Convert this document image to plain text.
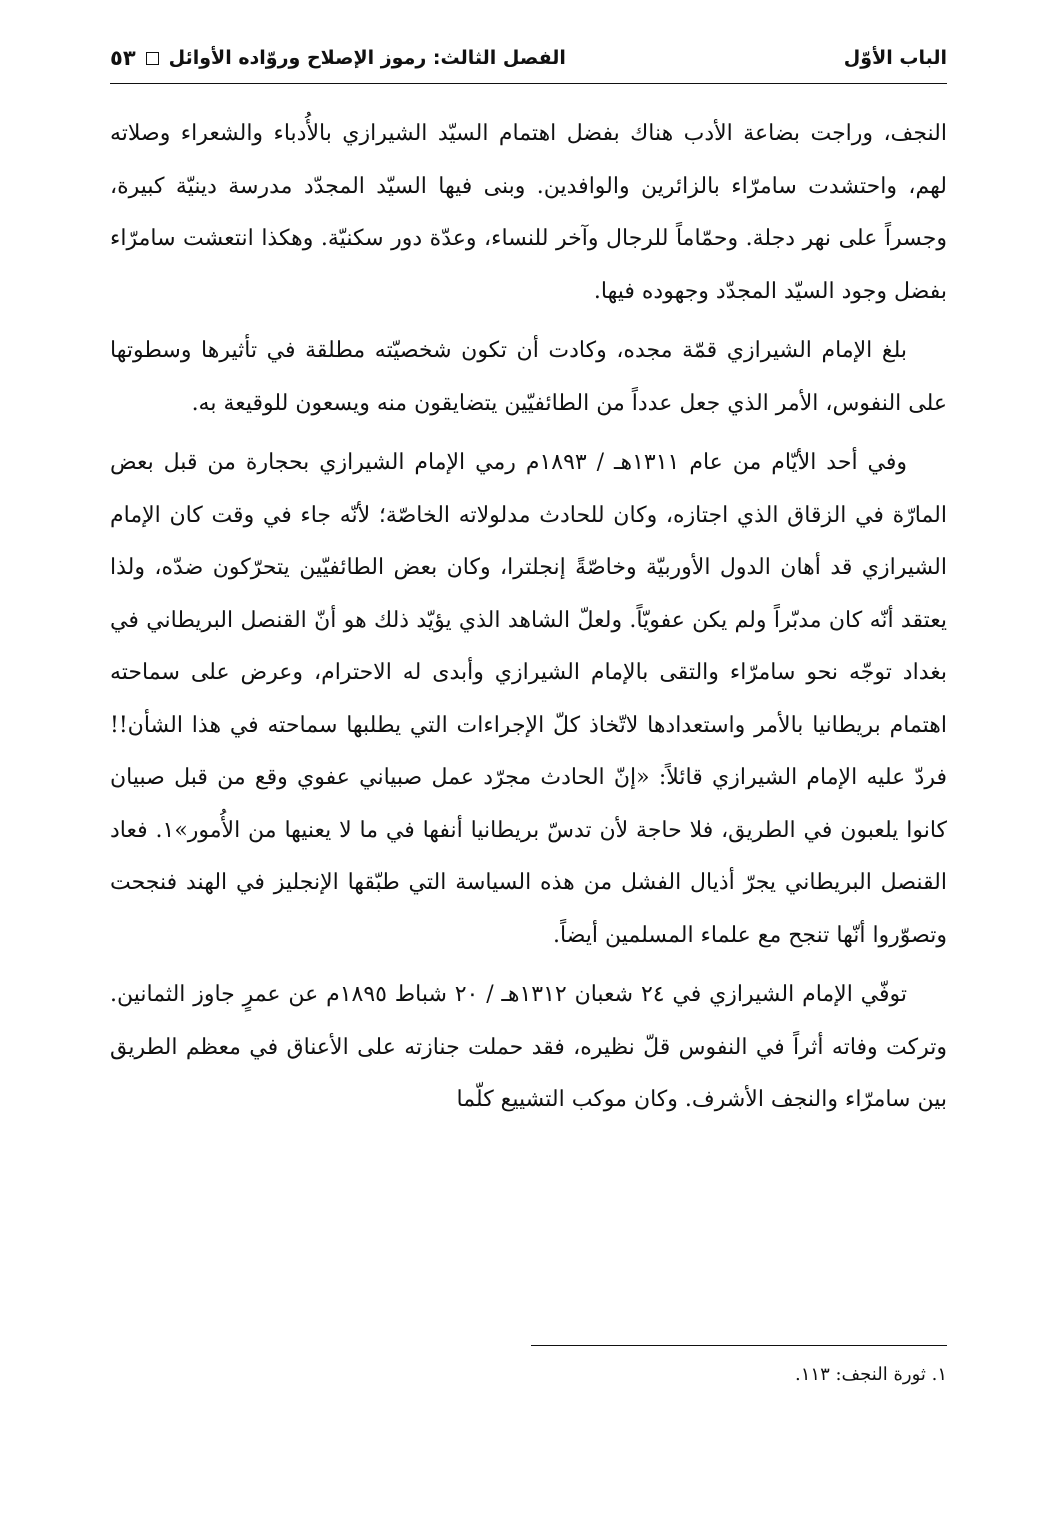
الباب الأوّل
الفصل الثالث: رموز الإصلاح وروّاده الأوائل
٥٣

النجف، وراجت بضاعة الأدب هناك بفضل اهتمام السيّد الشيرازي بالأُدباء والشعراء وصلاته لهم، واحتشدت سامرّاء بالزائرين والوافدين. وبنى فيها السيّد المجدّد مدرسة دينيّة كبيرة، وجسراً على نهر دجلة. وحمّاماً للرجال وآخر للنساء، وعدّة دور سكنيّة. وهكذا انتعشت سامرّاء بفضل وجود السيّد المجدّد وجهوده فيها.

بلغ الإمام الشيرازي قمّة مجده، وكادت أن تكون شخصيّته مطلقة في تأثيرها وسطوتها على النفوس، الأمر الذي جعل عدداً من الطائفيّين يتضايقون منه ويسعون للوقيعة به.

وفي أحد الأيّام من عام ١٣١١هـ / ١٨٩٣م رمي الإمام الشيرازي بحجارة من قبل بعض المارّة في الزقاق الذي اجتازه، وكان للحادث مدلولاته الخاصّة؛ لأنّه جاء في وقت كان الإمام الشيرازي قد أهان الدول الأوربيّة وخاصّةً إنجلترا، وكان بعض الطائفيّين يتحرّكون ضدّه، ولذا يعتقد أنّه كان مدبّراً ولم يكن عفويّاً. ولعلّ الشاهد الذي يؤيّد ذلك هو أنّ القنصل البريطاني في بغداد توجّه نحو سامرّاء والتقى بالإمام الشيرازي وأبدى له الاحترام، وعرض على سماحته اهتمام بريطانيا بالأمر واستعدادها لاتّخاذ كلّ الإجراءات التي يطلبها سماحته في هذا الشأن!! فردّ عليه الإمام الشيرازي قائلاً: «إنّ الحادث مجرّد عمل صبياني عفوي وقع من قبل صبيان كانوا يلعبون في الطريق، فلا حاجة لأن تدسّ بريطانيا أنفها في ما لا يعنيها من الأُمور»١. فعاد القنصل البريطاني يجرّ أذيال الفشل من هذه السياسة التي طبّقها الإنجليز في الهند فنجحت وتصوّروا أنّها تنجح مع علماء المسلمين أيضاً.

توفّي الإمام الشيرازي في ٢٤ شعبان ١٣١٢هـ / ٢٠ شباط ١٨٩٥م عن عمرٍ جاوز الثمانين. وتركت وفاته أثراً في النفوس قلّ نظيره، فقد حملت جنازته على الأعناق في معظم الطريق بين سامرّاء والنجف الأشرف. وكان موكب التشييع كلّما

١. ثورة النجف: ١١٣.
